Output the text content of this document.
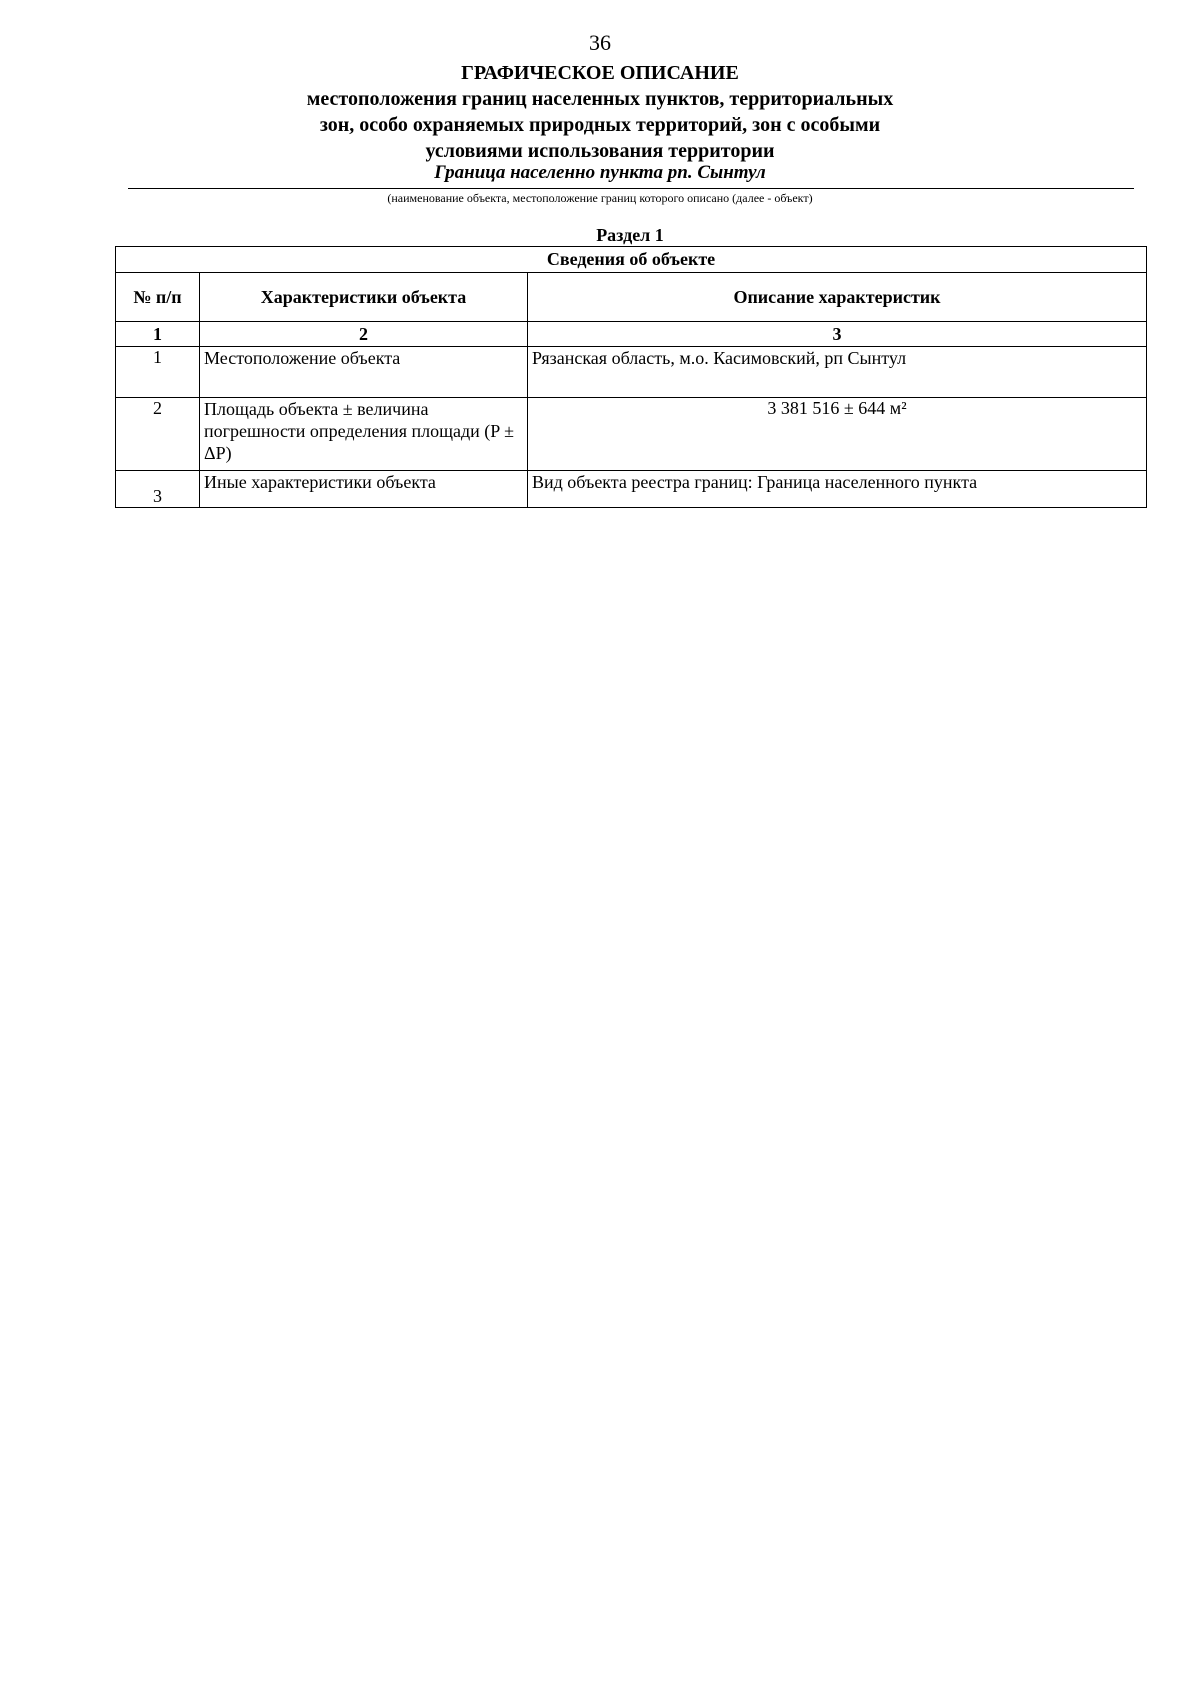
36
ГРАФИЧЕСКОЕ ОПИСАНИЕ
местоположения границ населенных пунктов, территориальных
зон, особо охраняемых природных территорий, зон с особыми
условиями использования территории
Граница населенно пункта рп. Сынтул
(наименование объекта, местоположение границ которого описано (далее - объект)
Раздел 1
Сведения об объекте		
№ п/п	Характеристики объекта	Описание характеристик
1	2	3
1	Местоположение объекта	Рязанская область, м.о. Касимовский, рп Сынтул
2	Площадь объекта ± величина погрешности определения площади (P ± ΔP)	3 381 516 ± 644 м²
3	Иные характеристики объекта	Вид объекта реестра границ: Граница населенного пункта
